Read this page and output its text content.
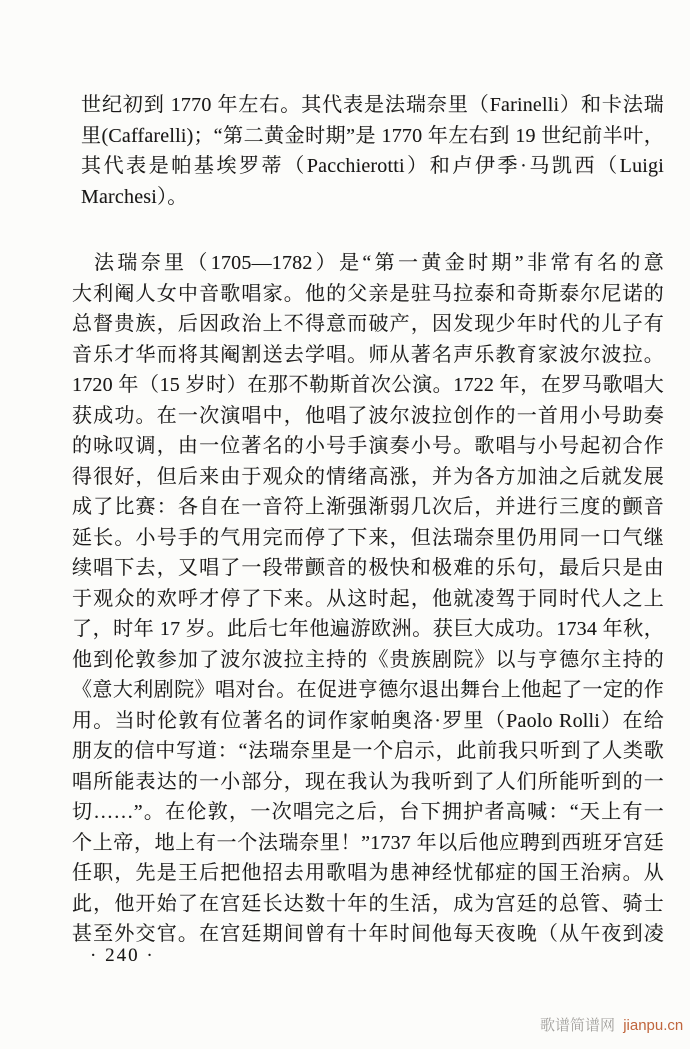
世纪初到 1770 年左右。其代表是法瑞奈里（Farinelli）和卡法瑞
里(Caffarelli)；“第二黄金时期”是 1770 年左右到 19 世纪前半叶，
其代表是帕基埃罗蒂（Pacchierotti）和卢伊季·马凯西（Luigi
Marchesi）。
法瑞奈里（1705—1782）是“第一黄金时期”非常有名的意
大利阉人女中音歌唱家。他的父亲是驻马拉泰和奇斯泰尔尼诺的
总督贵族，后因政治上不得意而破产，因发现少年时代的儿子有
音乐才华而将其阉割送去学唱。师从著名声乐教育家波尔波拉。
1720 年（15 岁时）在那不勒斯首次公演。1722 年，在罗马歌唱大
获成功。在一次演唱中，他唱了波尔波拉创作的一首用小号助奏
的咏叹调，由一位著名的小号手演奏小号。歌唱与小号起初合作
得很好，但后来由于观众的情绪高涨，并为各方加油之后就发展
成了比赛：各自在一音符上渐强渐弱几次后，并进行三度的颤音
延长。小号手的气用完而停了下来，但法瑞奈里仍用同一口气继
续唱下去，又唱了一段带颤音的极快和极难的乐句，最后只是由
于观众的欢呼才停了下来。从这时起，他就凌驾于同时代人之上
了，时年 17 岁。此后七年他遍游欧洲。获巨大成功。1734 年秋，
他到伦敦参加了波尔波拉主持的《贵族剧院》以与亨德尔主持的
《意大利剧院》唱对台。在促进亨德尔退出舞台上他起了一定的作
用。当时伦敦有位著名的词作家帕奥洛·罗里（Paolo Rolli）在给
朋友的信中写道：“法瑞奈里是一个启示，此前我只听到了人类歌
唱所能表达的一小部分，现在我认为我听到了人们所能听到的一
切……”。在伦敦，一次唱完之后，台下拥护者高喊：“天上有一
个上帝，地上有一个法瑞奈里！”1737 年以后他应聘到西班牙宫廷
任职，先是王后把他招去用歌唱为患神经忧郁症的国王治病。从
此，他开始了在宫廷长达数十年的生活，成为宫廷的总管、骑士
甚至外交官。在宫廷期间曾有十年时间他每天夜晚（从午夜到凌
· 240 ·
歌谱简谱网 jianpu.cn
